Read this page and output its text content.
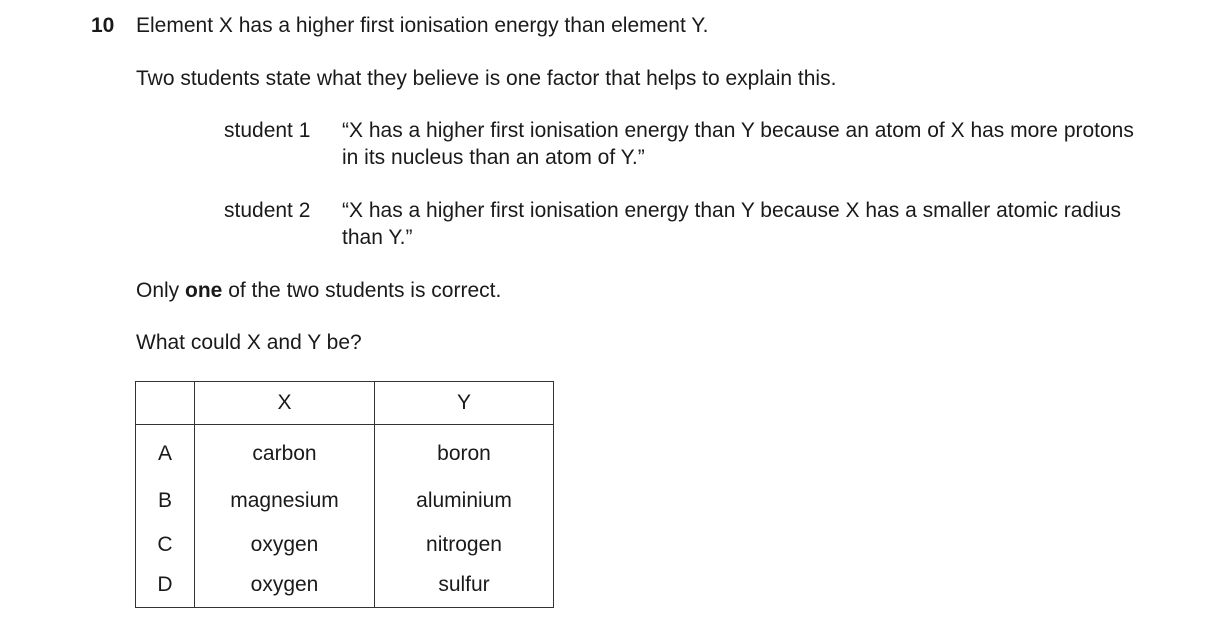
10 Element X has a higher first ionisation energy than element Y.
Two students state what they believe is one factor that helps to explain this.
student 1 “X has a higher first ionisation energy than Y because an atom of X has more protons in its nucleus than an atom of Y.”
student 2 “X has a higher first ionisation energy than Y because X has a smaller atomic radius than Y.”
Only one of the two students is correct.
What could X and Y be?
	X	Y
A	carbon	boron
B	magnesium	aluminium
C	oxygen	nitrogen
D	oxygen	sulfur
